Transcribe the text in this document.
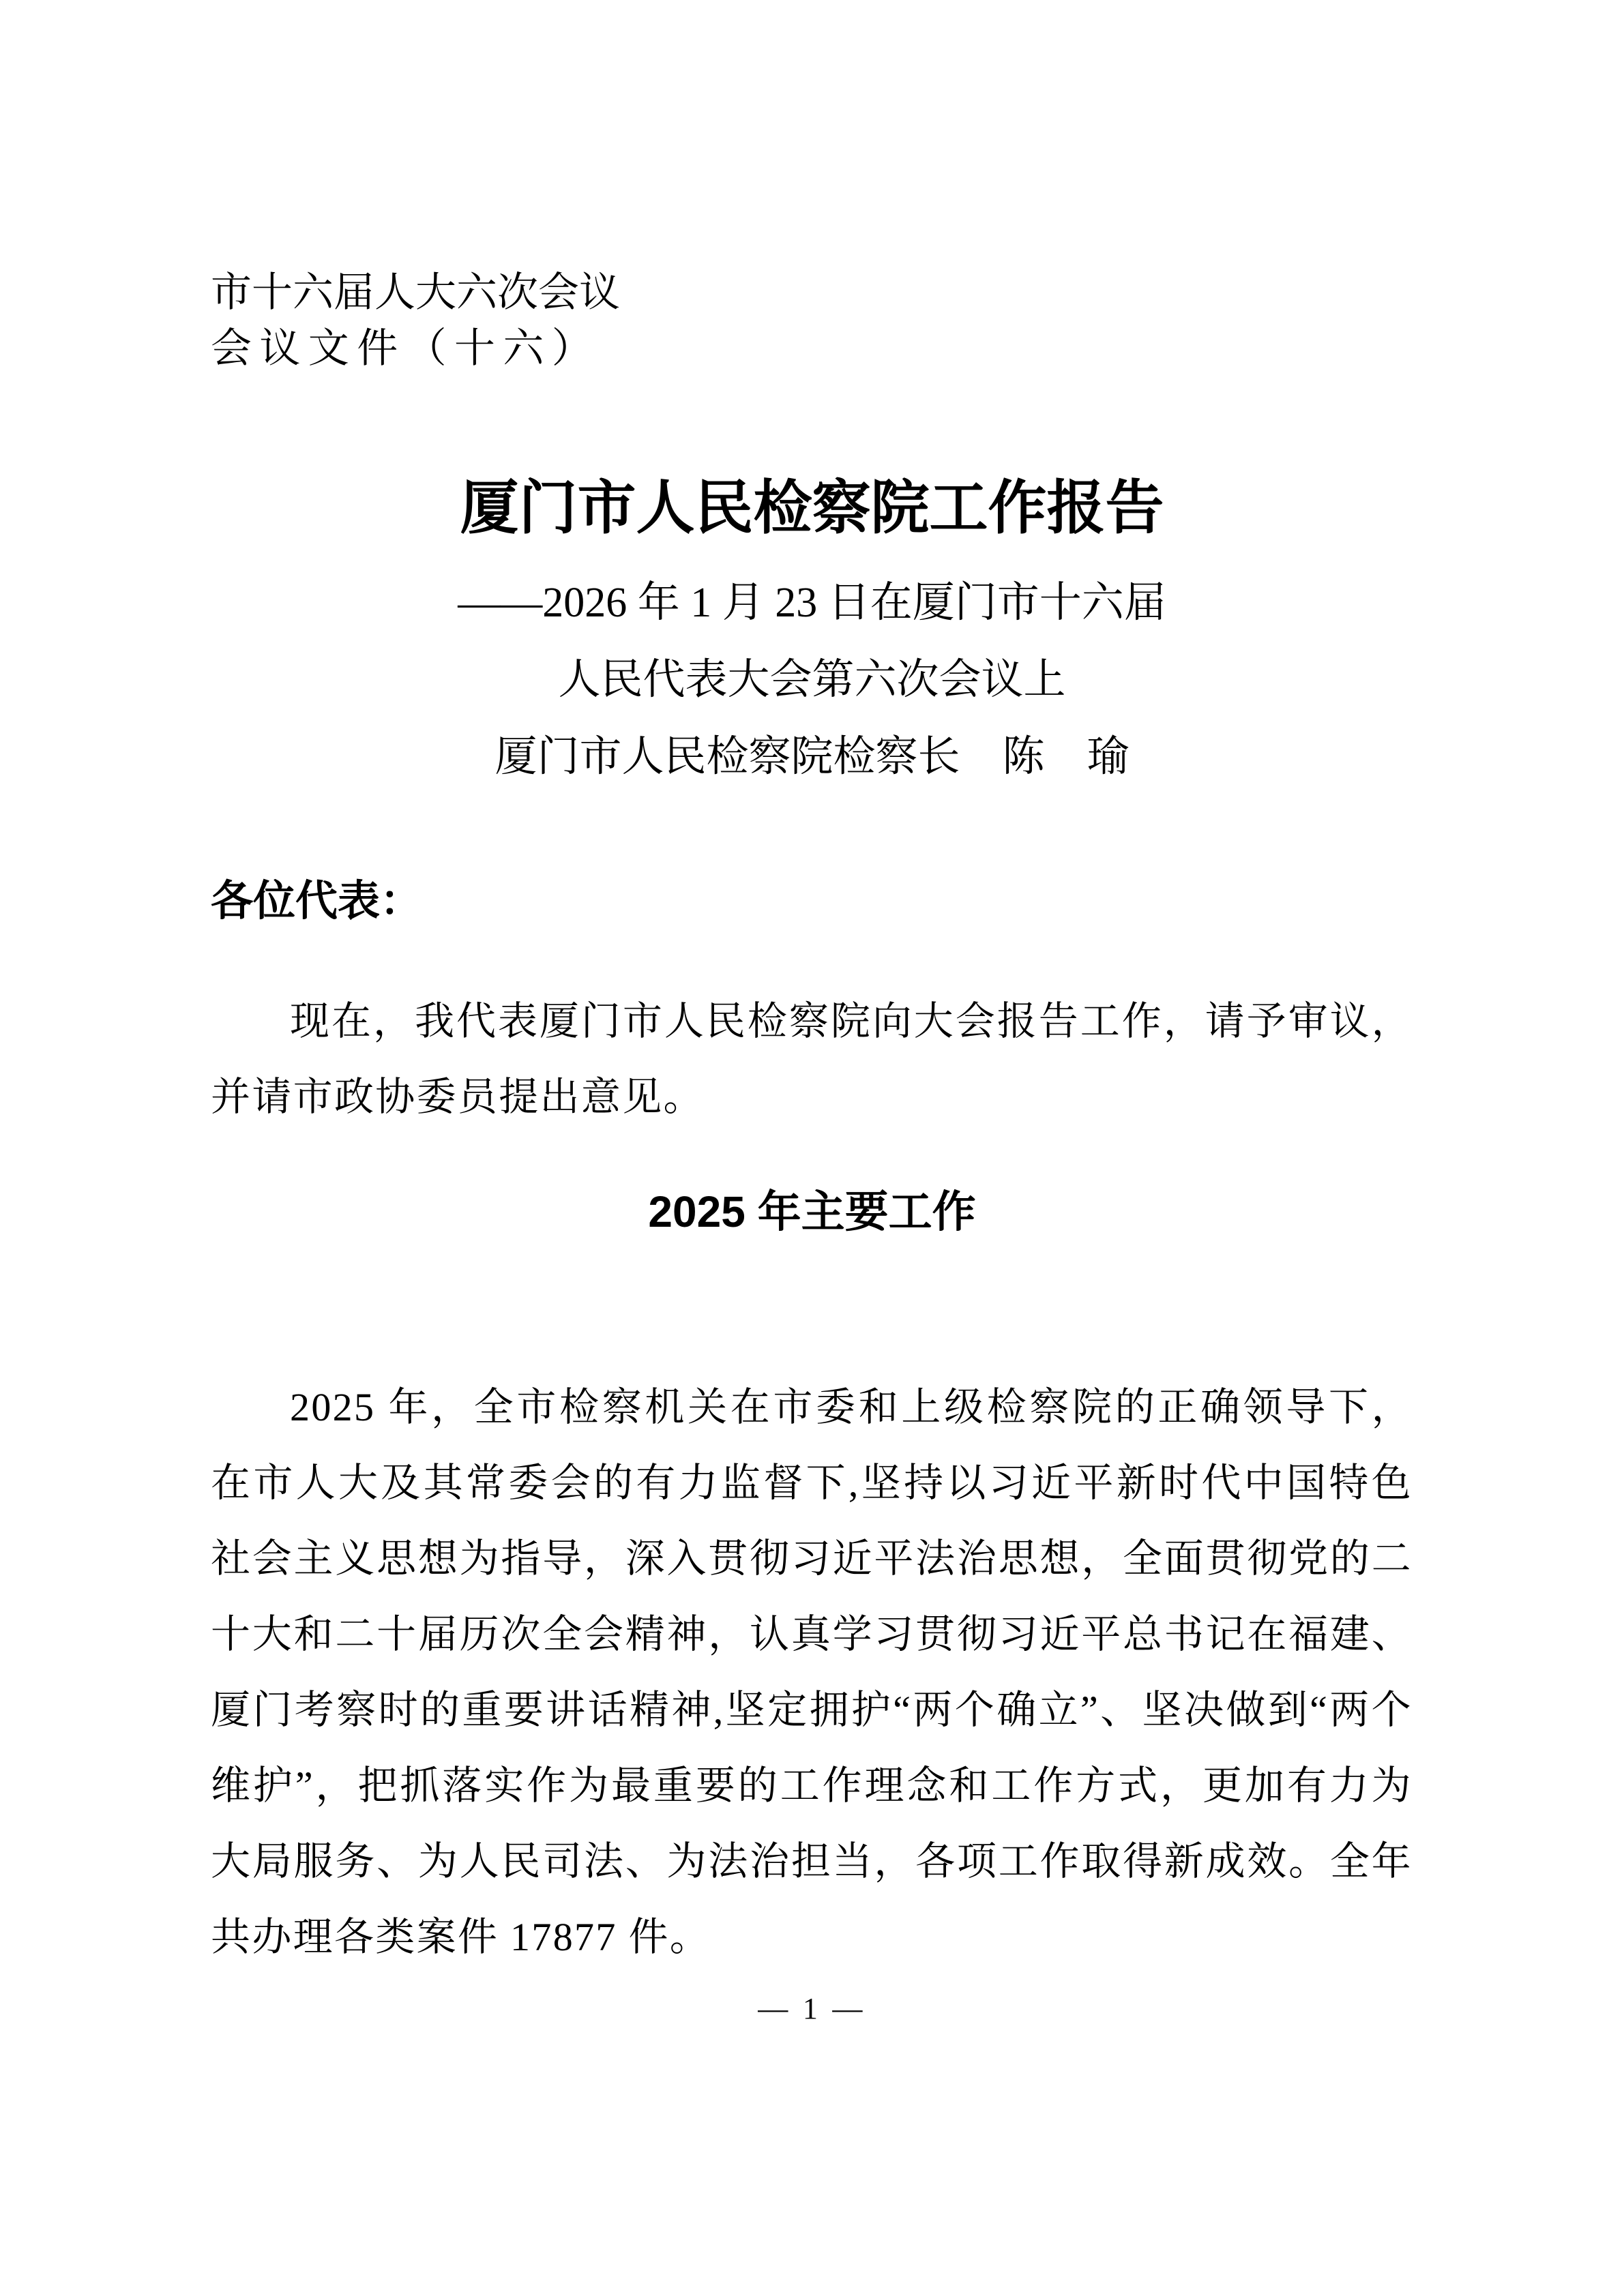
市十六届人大六次会议
会议文件（十六）
厦门市人民检察院工作报告
——2026 年 1 月 23 日在厦门市十六届
人民代表大会第六次会议上
厦门市人民检察院检察长　陈　瑜
各位代表：

现在，我代表厦门市人民检察院向大会报告工作，请予审议，并请市政协委员提出意见。

2025 年主要工作

2025 年，全市检察机关在市委和上级检察院的正确领导下，在市人大及其常委会的有力监督下,坚持以习近平新时代中国特色社会主义思想为指导，深入贯彻习近平法治思想，全面贯彻党的二十大和二十届历次全会精神，认真学习贯彻习近平总书记在福建、厦门考察时的重要讲话精神,坚定拥护“两个确立”、坚决做到“两个维护”，把抓落实作为最重要的工作理念和工作方式，更加有力为大局服务、为人民司法、为法治担当，各项工作取得新成效。全年共办理各类案件 17877 件。

— 1 —
